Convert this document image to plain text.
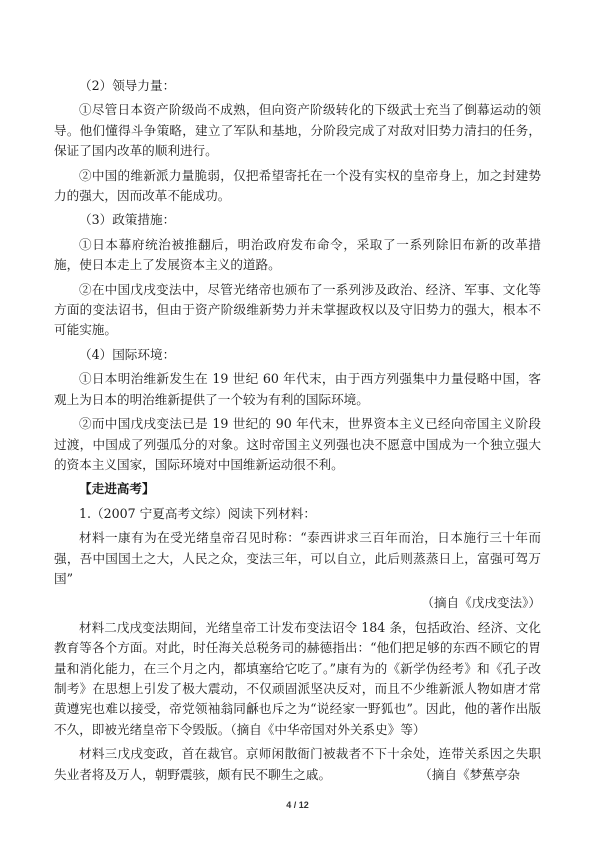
（2）领导力量：

①尽管日本资产阶级尚不成熟，但向资产阶级转化的下级武士充当了倒幕运动的领导。他们懂得斗争策略，建立了军队和基地，分阶段完成了对敌对旧势力清扫的任务，保证了国内改革的顺利进行。

②中国的维新派力量脆弱，仅把希望寄托在一个没有实权的皇帝身上，加之封建势力的强大，因而改革不能成功。

（3）政策措施：

①日本幕府统治被推翻后，明治政府发布命令，采取了一系列除旧布新的改革措施，使日本走上了发展资本主义的道路。

②在中国戊戌变法中，尽管光绪帝也颁布了一系列涉及政治、经济、军事、文化等方面的变法诏书，但由于资产阶级维新势力并未掌握政权以及守旧势力的强大，根本不可能实施。

（4）国际环境：

①日本明治维新发生在 19 世纪 60 年代末，由于西方列强集中力量侵略中国，客观上为日本的明治维新提供了一个较为有利的国际环境。

②而中国戊戌变法已是 19 世纪的 90 年代末，世界资本主义已经向帝国主义阶段过渡，中国成了列强瓜分的对象。这时帝国主义列强也决不愿意中国成为一个独立强大的资本主义国家，国际环境对中国维新运动很不利。

【走进高考】

1.（2007 宁夏高考文综）阅读下列材料：

材料一康有为在受光绪皇帝召见时称：“泰西讲求三百年而治，日本施行三十年而强，吾中国国土之大，人民之众，变法三年，可以自立，此后则蒸蒸日上，富强可驾万国”

（摘自《戊戌变法》）

材料二戊戌变法期间，光绪皇帝工计发布变法诏令 184 条，包括政治、经济、文化教育等各个方面。对此，时任海关总税务司的赫德指出：“他们把足够的东西不顾它的胃量和消化能力，在三个月之内，都填塞给它吃了。”康有为的《新学伪经考》和《孔子改制考》在思想上引发了极大震动，不仅顽固派坚决反对，而且不少维新派人物如唐才常黄遵宪也难以接受，帝党领袖翁同龢也斥之为“说经家一野狐也”。因此，他的著作出版不久，即被光绪皇帝下令毁版。（摘自《中华帝国对外关系史》等）

材料三戊戌变政，首在裁官。京师闲散衙门被裁者不下十余处，连带关系因之失职失业者将及万人，朝野震骇，颇有民不聊生之戚。　　　　　　　　（摘自《梦蕉亭杂

4 / 12
